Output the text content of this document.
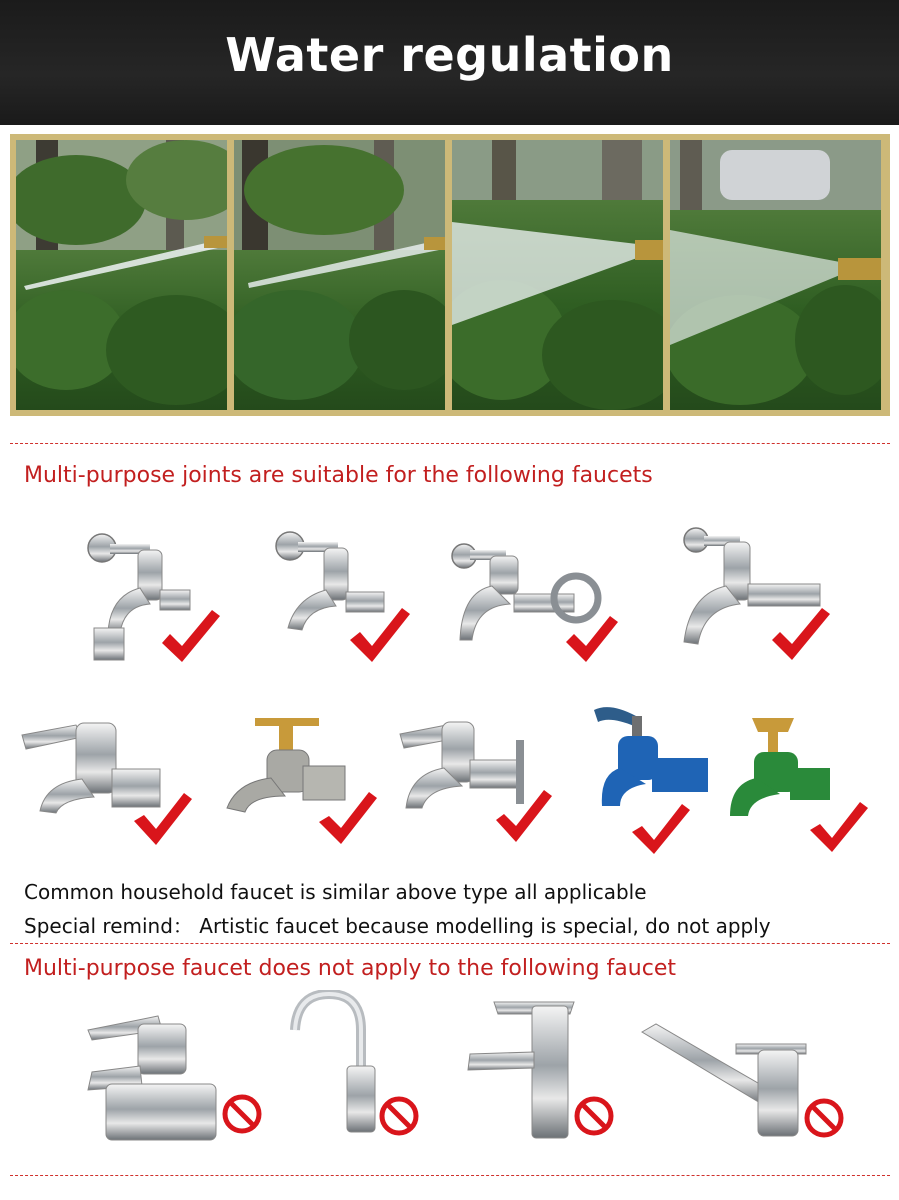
Water regulation
Multi-purpose joints are suitable for the following faucets
Common household faucet is similar above type all applicable
Special remind： Artistic faucet because modelling is special, do not apply
Multi-purpose faucet does not apply to the following faucet
